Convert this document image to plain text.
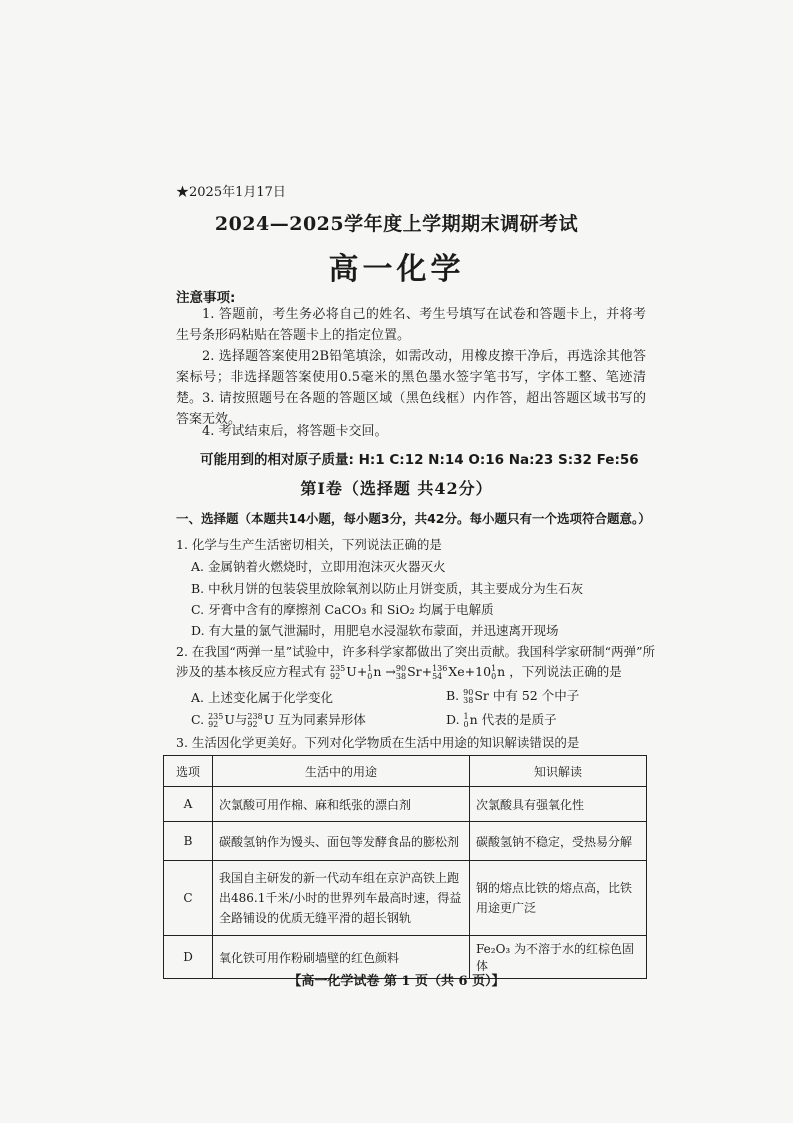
★2025年1月17日
2024—2025学年度上学期期末调研考试
高一化学
注意事项:
1. 答题前，考生务必将自己的姓名、考生号填写在试卷和答题卡上，并将考生号条形码粘贴在答题卡上的指定位置。
2. 选择题答案使用2B铅笔填涂，如需改动，用橡皮擦干净后，再选涂其他答案标号；非选择题答案使用0.5毫米的黑色墨水签字笔书写，字体工整、笔迹清楚。 3. 请按照题号在各题的答题区域（黑色线框）内作答，超出答题区域书写的答案无效。
4. 考试结束后，将答题卡交回。
可能用到的相对原子质量: H:1 C:12 N:14 O:16 Na:23 S:32 Fe:56
第I卷（选择题 共42分）
一、选择题（本题共14小题，每小题3分，共42分。每小题只有一个选项符合题意。）
1. 化学与生产生活密切相关，下列说法正确的是
A. 金属钠着火燃烧时，立即用泡沫灭火器灭火
B. 中秋月饼的包装袋里放除氧剂以防止月饼变质，其主要成分为生石灰
C. 牙膏中含有的摩擦剂 CaCO₃ 和 SiO₂ 均属于电解质
D. 有大量的氯气泄漏时，用肥皂水浸湿软布蒙面，并迅速离开现场
2. 在我国“两弹一星”试验中，许多科学家都做出了突出贡献。我国科学家研制“两弹”所
涉及的基本核反应方程式有 235
92 U+1
0n →90
38Sr+136
54 Xe+101
0n ，下列说法正确的是
A. 上述变化属于化学变化	B. 90
38Sr 中有 52 个中子
C. 235
92 U与238
92 U 互为同素异形体	D. 1
0n 代表的是质子
3. 生活因化学更美好。下列对化学物质在生活中用途的知识解读错误的是
选项	生活中的用途	知识解读
A	次氯酸可用作棉、麻和纸张的漂白剂	次氯酸具有强氧化性
B	碳酸氢钠作为馒头、面包等发酵食品的膨松剂	碳酸氢钠不稳定，受热易分解
C	我国自主研发的新一代动车组在京沪高铁上跑出486.1千米/小时的世界列车最高时速，得益全路铺设的优质无缝平滑的超长钢轨	钢的熔点比铁的熔点高，比铁用途更广泛
D	氧化铁可用作粉刷墙壁的红色颜料	Fe₂O₃ 为不溶于水的红棕色固体
【高一化学试卷 第 1 页（共 6 页）】
